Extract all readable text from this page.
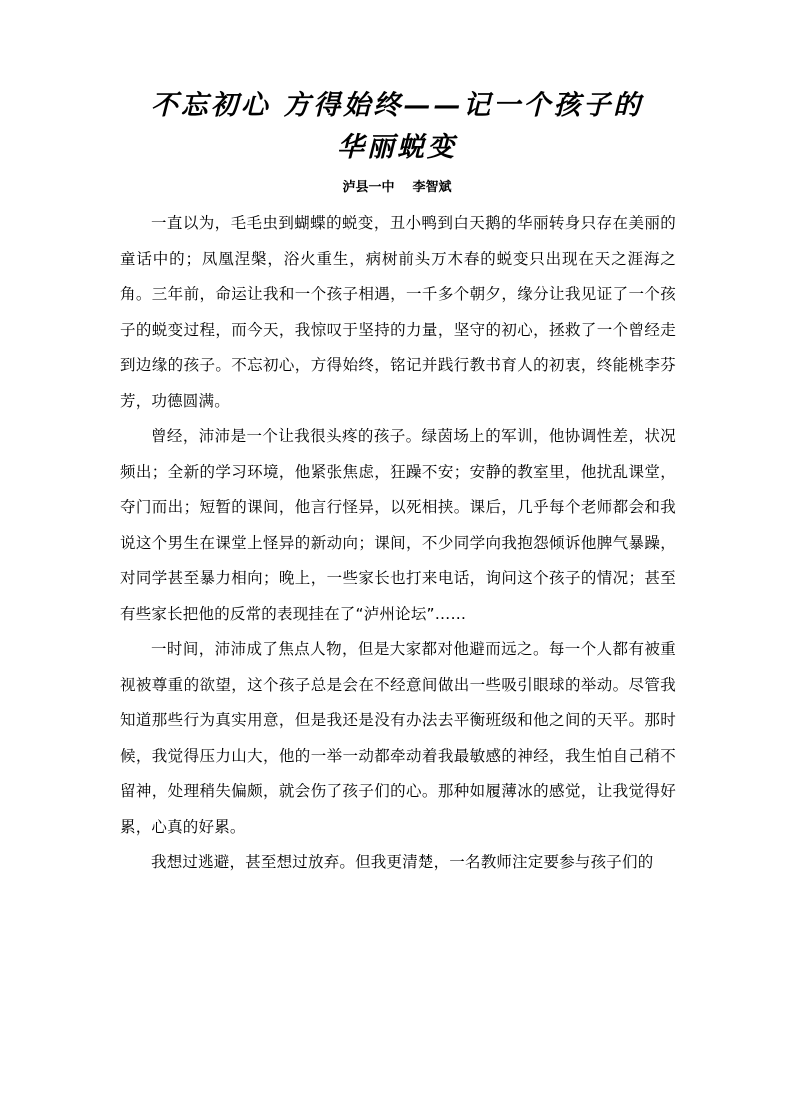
不忘初心 方得始终——记一个孩子的
华丽蜕变

泸县一中 李智斌

一直以为，毛毛虫到蝴蝶的蜕变，丑小鸭到白天鹅的华丽转身只存在美丽的童话中的；凤凰涅槃，浴火重生，病树前头万木春的蜕变只出现在天之涯海之角。三年前，命运让我和一个孩子相遇，一千多个朝夕，缘分让我见证了一个孩子的蜕变过程，而今天，我惊叹于坚持的力量，坚守的初心，拯救了一个曾经走到边缘的孩子。不忘初心，方得始终，铭记并践行教书育人的初衷，终能桃李芬芳，功德圆满。

曾经，沛沛是一个让我很头疼的孩子。绿茵场上的军训，他协调性差，状况频出；全新的学习环境，他紧张焦虑，狂躁不安；安静的教室里，他扰乱课堂，夺门而出；短暂的课间，他言行怪异，以死相挟。课后，几乎每个老师都会和我说这个男生在课堂上怪异的新动向；课间，不少同学向我抱怨倾诉他脾气暴躁，对同学甚至暴力相向；晚上，一些家长也打来电话，询问这个孩子的情况；甚至有些家长把他的反常的表现挂在了“泸州论坛”……

一时间，沛沛成了焦点人物，但是大家都对他避而远之。每一个人都有被重视被尊重的欲望，这个孩子总是会在不经意间做出一些吸引眼球的举动。尽管我知道那些行为真实用意，但是我还是没有办法去平衡班级和他之间的天平。那时候，我觉得压力山大，他的一举一动都牵动着我最敏感的神经，我生怕自己稍不留神，处理稍失偏颇，就会伤了孩子们的心。那种如履薄冰的感觉，让我觉得好累，心真的好累。

我想过逃避，甚至想过放弃。但我更清楚，一名教师注定要参与孩子们的
